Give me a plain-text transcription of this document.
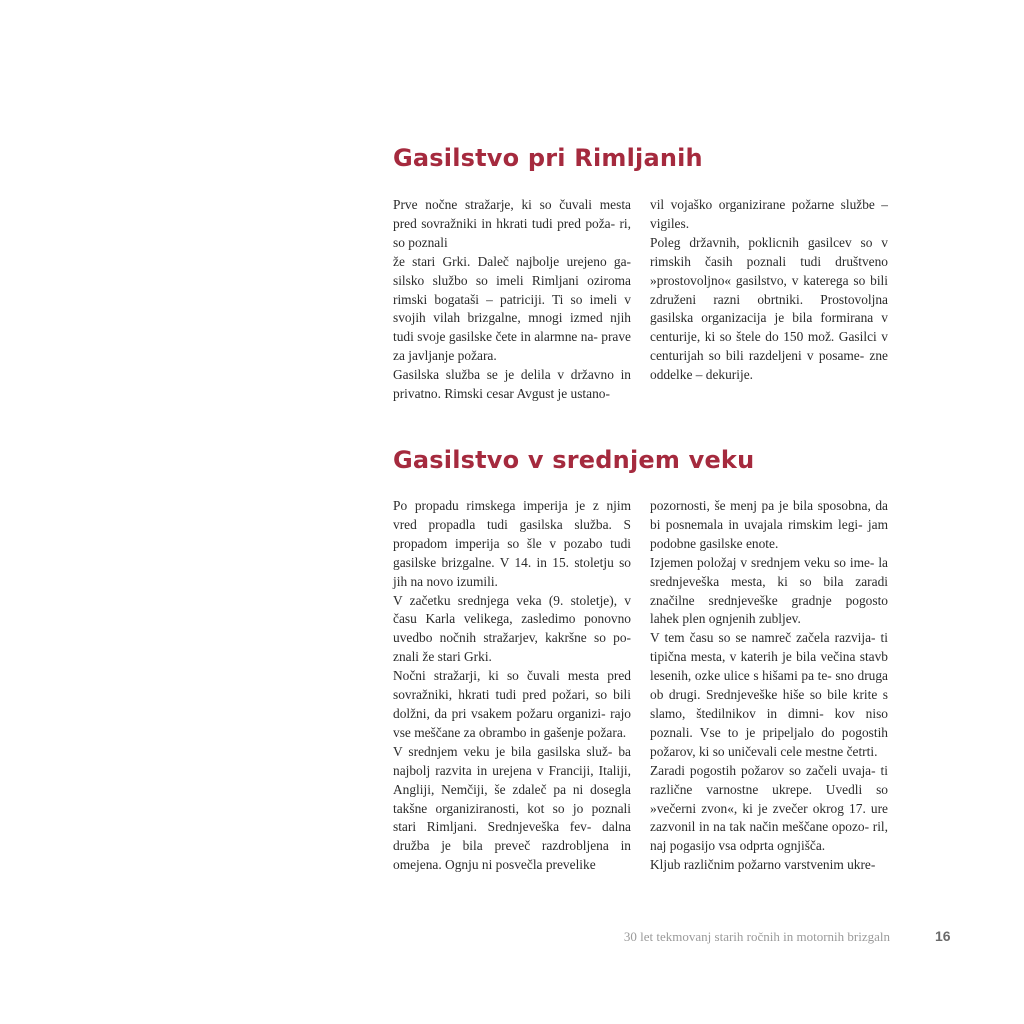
Gasilstvo pri Rimljanih

Prve nočne stražarje, ki so čuvali mesta pred sovražniki in hkrati tudi pred poža- ri, so poznali

že stari Grki. Daleč najbolje urejeno ga- silsko službo so imeli Rimljani oziroma rimski bogataši – patriciji. Ti so imeli v svojih vilah brizgalne, mnogi izmed njih tudi svoje gasilske čete in alarmne na- prave za javljanje požara.

Gasilska služba se je delila v državno in privatno. Rimski cesar Avgust je ustano-

vil vojaško organizirane požarne službe – vigiles.

Poleg državnih, poklicnih gasilcev so v rimskih časih poznali tudi društveno »prostovoljno« gasilstvo, v katerega so bili združeni razni obrtniki. Prostovoljna gasilska organizacija je bila formirana v centurije, ki so štele do 150 mož. Gasilci v centurijah so bili razdeljeni v posame- zne oddelke – dekurije.

Gasilstvo v srednjem veku

Po propadu rimskega imperija je z njim vred propadla tudi gasilska služba. S propadom imperija so šle v pozabo tudi gasilske brizgalne. V 14. in 15. stoletju so jih na novo izumili.

V začetku srednjega veka (9. stoletje), v času Karla velikega, zasledimo ponovno uvedbo nočnih stražarjev, kakršne so po- znali že stari Grki.

Nočni stražarji, ki so čuvali mesta pred sovražniki, hkrati tudi pred požari, so bili dolžni, da pri vsakem požaru organizi- rajo vse meščane za obrambo in gašenje požara.

V srednjem veku je bila gasilska služ- ba najbolj razvita in urejena v Franciji, Italiji, Angliji, Nemčiji, še zdaleč pa ni dosegla takšne organiziranosti, kot so jo poznali stari Rimljani. Srednjeveška fev- dalna družba je bila preveč razdrobljena in omejena. Ognju ni posvečla prevelike

pozornosti, še menj pa je bila sposobna, da bi posnemala in uvajala rimskim legi- jam podobne gasilske enote.

Izjemen položaj v srednjem veku so ime- la srednjeveška mesta, ki so bila zaradi značilne srednjeveške gradnje pogosto lahek plen ognjenih zubljev.

V tem času so se namreč začela razvija- ti tipična mesta, v katerih je bila večina stavb lesenih, ozke ulice s hišami pa te- sno druga ob drugi. Srednjeveške hiše so bile krite s slamo, štedilnikov in dimni- kov niso poznali. Vse to je pripeljalo do pogostih požarov, ki so uničevali cele mestne četrti.

Zaradi pogostih požarov so začeli uvaja- ti različne varnostne ukrepe. Uvedli so »večerni zvon«, ki je zvečer okrog 17. ure zazvonil in na tak način meščane opozo- ril, naj pogasijo vsa odprta ognjišča.

Kljub različnim požarno varstvenim ukre-

30 let tekmovanj starih ročnih in motornih brizgaln	16
